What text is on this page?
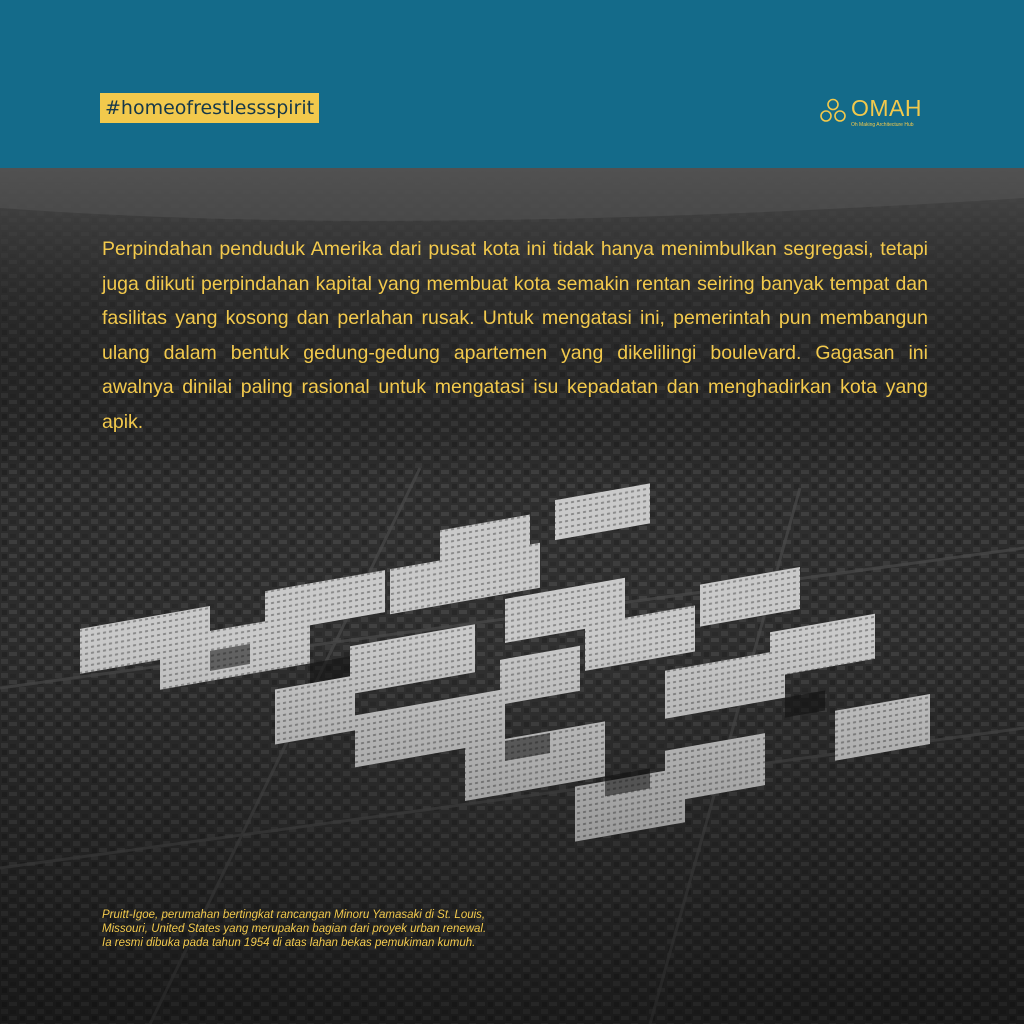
#homeofrestlessspirit	OMAH
Oh Making Architecture Hub

Perpindahan penduduk Amerika dari pusat kota ini tidak hanya menimbulkan segregasi, tetapi juga diikuti perpindahan kapital yang membuat kota semakin rentan seiring banyak tempat dan fasilitas yang kosong dan perlahan rusak. Untuk mengatasi ini, pemerintah pun membangun ulang dalam bentuk gedung-gedung apartemen yang dikelilingi boulevard. Gagasan ini awalnya dinilai paling rasional untuk mengatasi isu kepadatan dan menghadirkan kota yang apik.

Pruitt-Igoe, perumahan bertingkat rancangan Minoru Yamasaki di St. Louis,
Missouri, United States yang merupakan bagian dari proyek urban renewal.
Ia resmi dibuka pada tahun 1954 di atas lahan bekas pemukiman kumuh.
